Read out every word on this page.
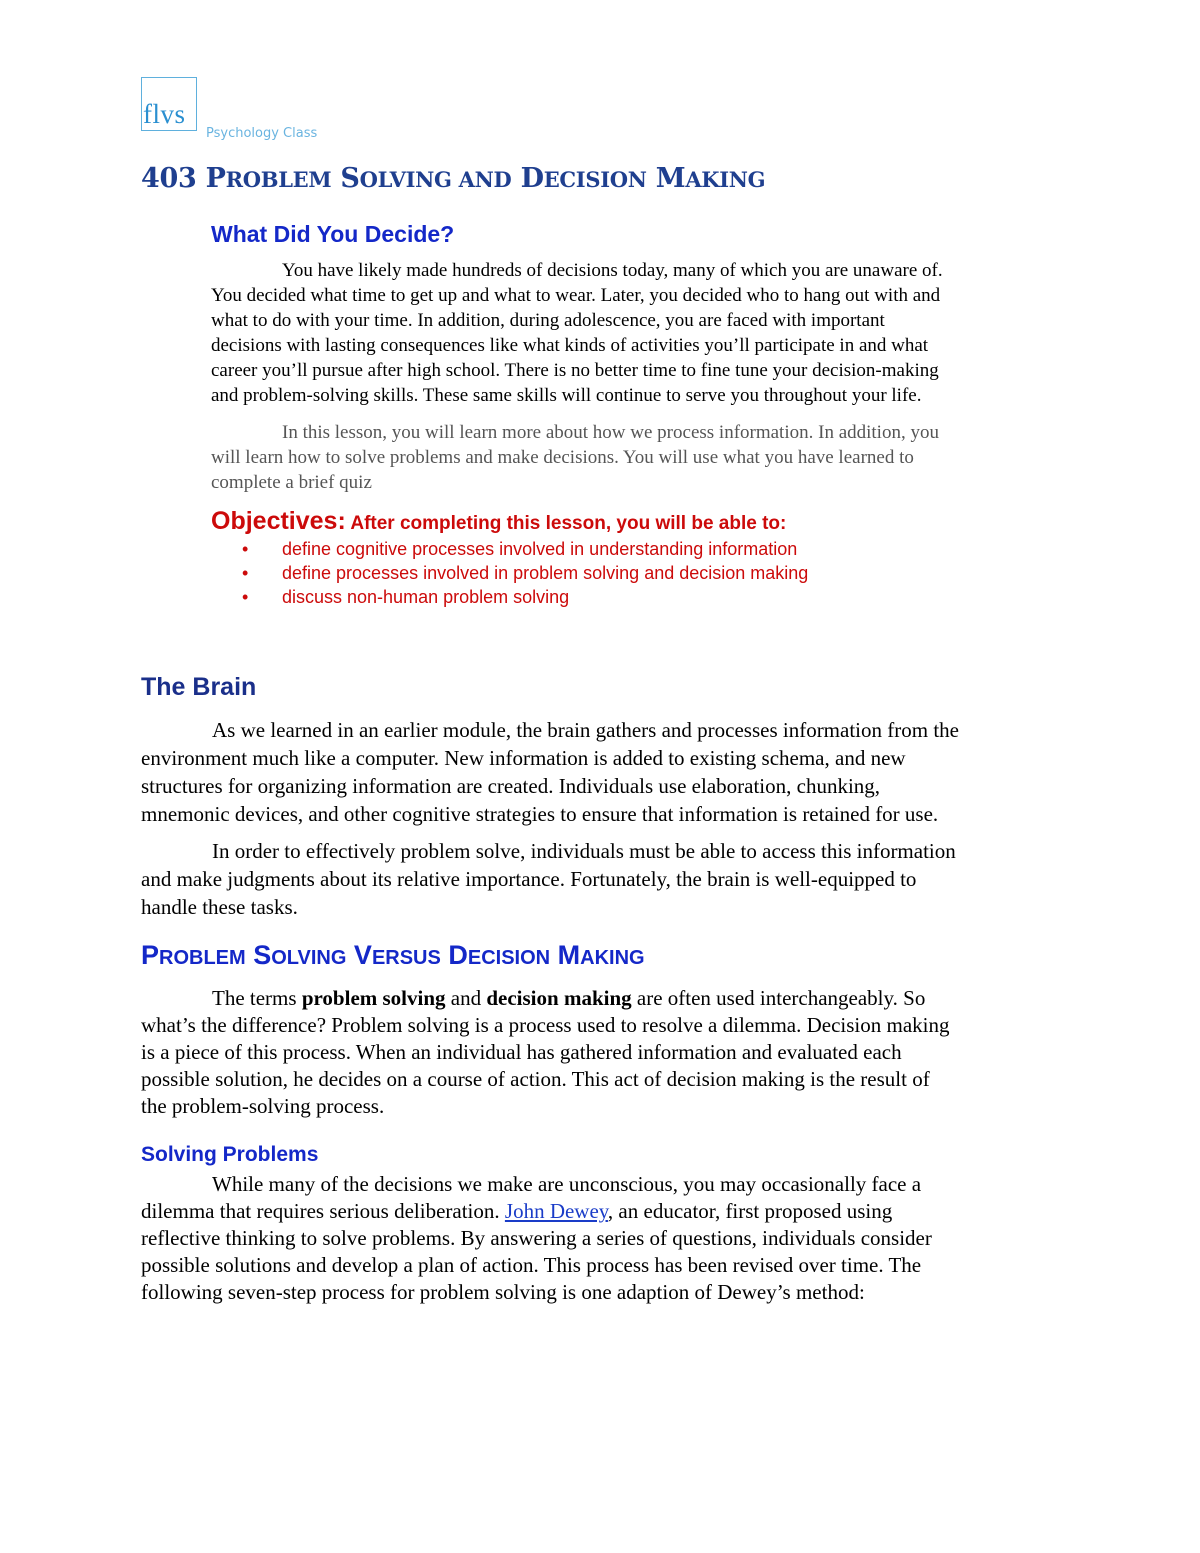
flvs
Psychology Class
403 PROBLEM SOLVING AND DECISION MAKING
What Did You Decide?
You have likely made hundreds of decisions today, many of which you are unaware of.
You decided what time to get up and what to wear. Later, you decided who to hang out with and
what to do with your time. In addition, during adolescence, you are faced with important
decisions with lasting consequences like what kinds of activities you’ll participate in and what
career you’ll pursue after high school. There is no better time to fine tune your decision-making
and problem-solving skills. These same skills will continue to serve you throughout your life.
In this lesson, you will learn more about how we process information. In addition, you
will learn how to solve problems and make decisions. You will use what you have learned to
complete a brief quiz
Objectives: After completing this lesson, you will be able to:
• define cognitive processes involved in understanding information
• define processes involved in problem solving and decision making
• discuss non-human problem solving
The Brain
As we learned in an earlier module, the brain gathers and processes information from the
environment much like a computer. New information is added to existing schema, and new
structures for organizing information are created. Individuals use elaboration, chunking,
mnemonic devices, and other cognitive strategies to ensure that information is retained for use.
In order to effectively problem solve, individuals must be able to access this information
and make judgments about its relative importance. Fortunately, the brain is well-equipped to
handle these tasks.
PROBLEM SOLVING VERSUS DECISION MAKING
The terms problem solving and decision making are often used interchangeably. So
what’s the difference? Problem solving is a process used to resolve a dilemma. Decision making
is a piece of this process. When an individual has gathered information and evaluated each
possible solution, he decides on a course of action. This act of decision making is the result of
the problem-solving process.
Solving Problems
While many of the decisions we make are unconscious, you may occasionally face a
dilemma that requires serious deliberation. John Dewey, an educator, first proposed using
reflective thinking to solve problems. By answering a series of questions, individuals consider
possible solutions and develop a plan of action. This process has been revised over time. The
following seven-step process for problem solving is one adaption of Dewey’s method:
